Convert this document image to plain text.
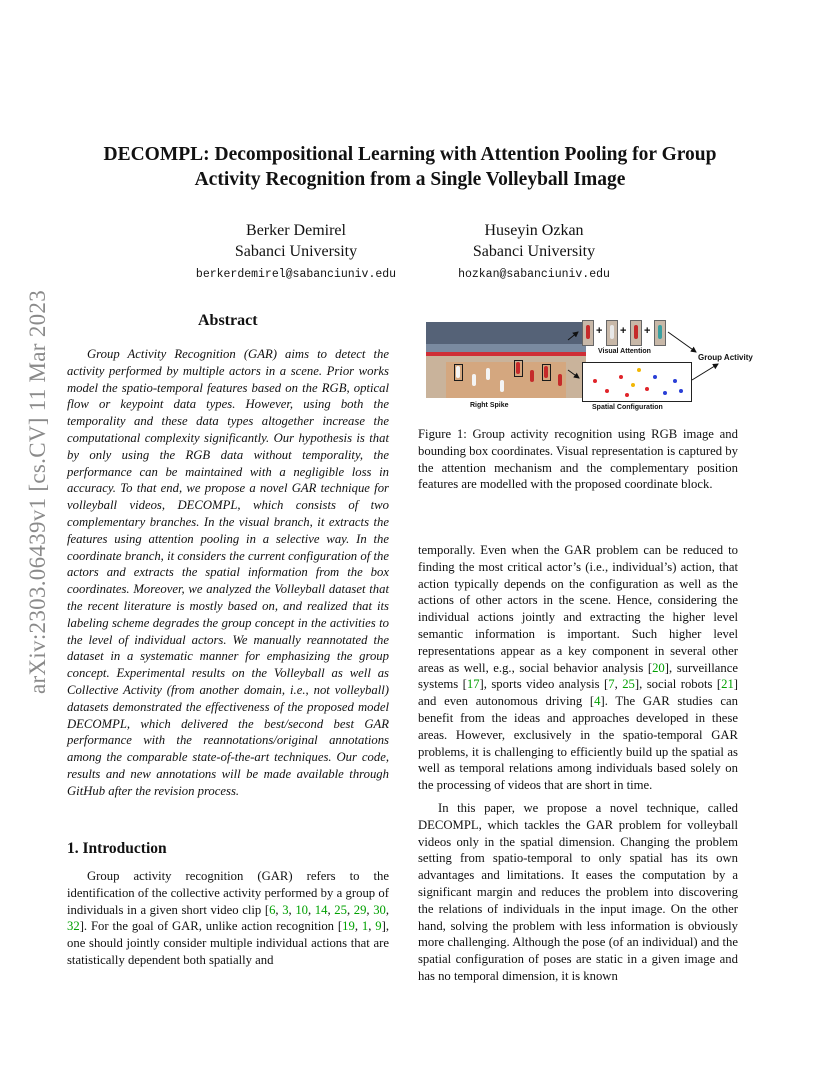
arXiv:2303.06439v1 [cs.CV] 11 Mar 2023
DECOMPL: Decompositional Learning with Attention Pooling for Group
Activity Recognition from a Single Volleyball Image
Berker Demirel
Sabanci University
berkerdemirel@sabanciuniv.edu
Huseyin Ozkan
Sabanci University
hozkan@sabanciuniv.edu
Abstract

Group Activity Recognition (GAR) aims to detect the activity performed by multiple actors in a scene. Prior works model the spatio-temporal features based on the RGB, optical flow or keypoint data types. However, using both the temporality and these data types altogether increase the computational complexity significantly. Our hypothesis is that by only using the RGB data without temporality, the performance can be maintained with a negligible loss in accuracy. To that end, we propose a novel GAR technique for volleyball videos, DECOMPL, which consists of two complementary branches. In the visual branch, it extracts the features using attention pooling in a selective way. In the coordinate branch, it considers the current configuration of the actors and extracts the spatial information from the box coordinates. Moreover, we analyzed the Volleyball dataset that the recent literature is mostly based on, and realized that its labeling scheme degrades the group concept in the activities to the level of individual actors. We manually reannotated the dataset in a systematic manner for emphasizing the group concept. Experimental results on the Volleyball as well as Collective Activity (from another domain, i.e., not volleyball) datasets demonstrated the effectiveness of the proposed model DECOMPL, which delivered the best/second best GAR performance with the reannotations/original annotations among the comparable state-of-the-art techniques. Our code, results and new annotations will be made available through GitHub after the revision process.

1. Introduction

Group activity recognition (GAR) refers to the identification of the collective activity performed by a group of individuals in a given short video clip [6, 3, 10, 14, 25, 29, 30, 32]. For the goal of GAR, unlike action recognition [19, 1, 9], one should jointly consider multiple individual actions that are statistically dependent both spatially and

+ + +
Visual Attention
Group Activity
Right Spike	Spatial Configuration
Figure 1: Group activity recognition using RGB image and bounding box coordinates. Visual representation is captured by the attention mechanism and the complementary position features are modelled with the proposed coordinate block.

temporally. Even when the GAR problem can be reduced to finding the most critical actor’s (i.e., individual’s) action, that action typically depends on the configuration as well as the actions of other actors in the scene. Hence, considering the individual actions jointly and extracting the higher level semantic information is important. Such higher level representations appear as a key component in several other areas as well, e.g., social behavior analysis [20], surveillance systems [17], sports video analysis [7, 25], social robots [21] and even autonomous driving [4]. The GAR studies can benefit from the ideas and approaches developed in these areas. However, exclusively in the spatio-temporal GAR problems, it is challenging to efficiently build up the spatial as well as temporal relations among individuals based solely on the processing of videos that are short in time.

In this paper, we propose a novel technique, called DECOMPL, which tackles the GAR problem for volleyball videos only in the spatial dimension. Changing the problem setting from spatio-temporal to only spatial has its own advantages and limitations. It eases the computation by a significant margin and reduces the problem into discovering the relations of individuals in the input image. On the other hand, solving the problem with less information is obviously more challenging. Although the pose (of an individual) and the spatial configuration of poses are static in a given image and has no temporal dimension, it is known
